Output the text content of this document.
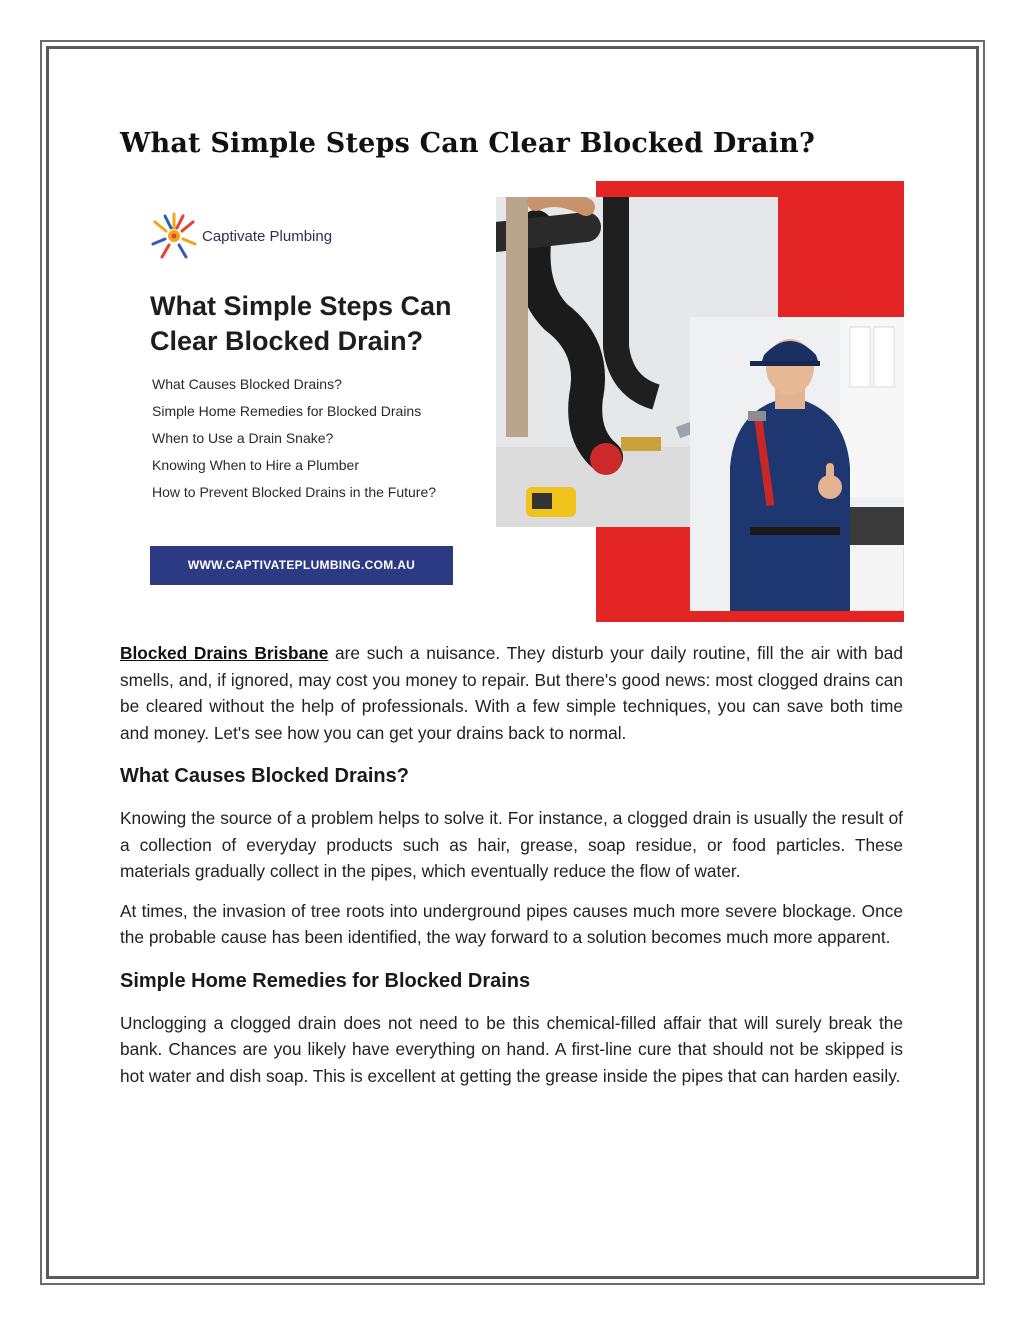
What Simple Steps Can Clear Blocked Drain?
Captivate Plumbing
What Simple Steps Can
Clear Blocked Drain?
What Causes Blocked Drains?
Simple Home Remedies for Blocked Drains
When to Use a Drain Snake?
Knowing When to Hire a Plumber
How to Prevent Blocked Drains in the Future?
WWW.CAPTIVATEPLUMBING.COM.AU

Blocked Drains Brisbane are such a nuisance. They disturb your daily routine, fill the air with bad smells, and, if ignored, may cost you money to repair. But there's good news: most clogged drains can be cleared without the help of professionals. With a few simple techniques, you can save both time and money. Let's see how you can get your drains back to normal.

What Causes Blocked Drains?

Knowing the source of a problem helps to solve it. For instance, a clogged drain is usually the result of a collection of everyday products such as hair, grease, soap residue, or food particles. These materials gradually collect in the pipes, which eventually reduce the flow of water.

At times, the invasion of tree roots into underground pipes causes much more severe blockage. Once the probable cause has been identified, the way forward to a solution becomes much more apparent.

Simple Home Remedies for Blocked Drains

Unclogging a clogged drain does not need to be this chemical-filled affair that will surely break the bank. Chances are you likely have everything on hand. A first-line cure that should not be skipped is hot water and dish soap. This is excellent at getting the grease inside the pipes that can harden easily.
